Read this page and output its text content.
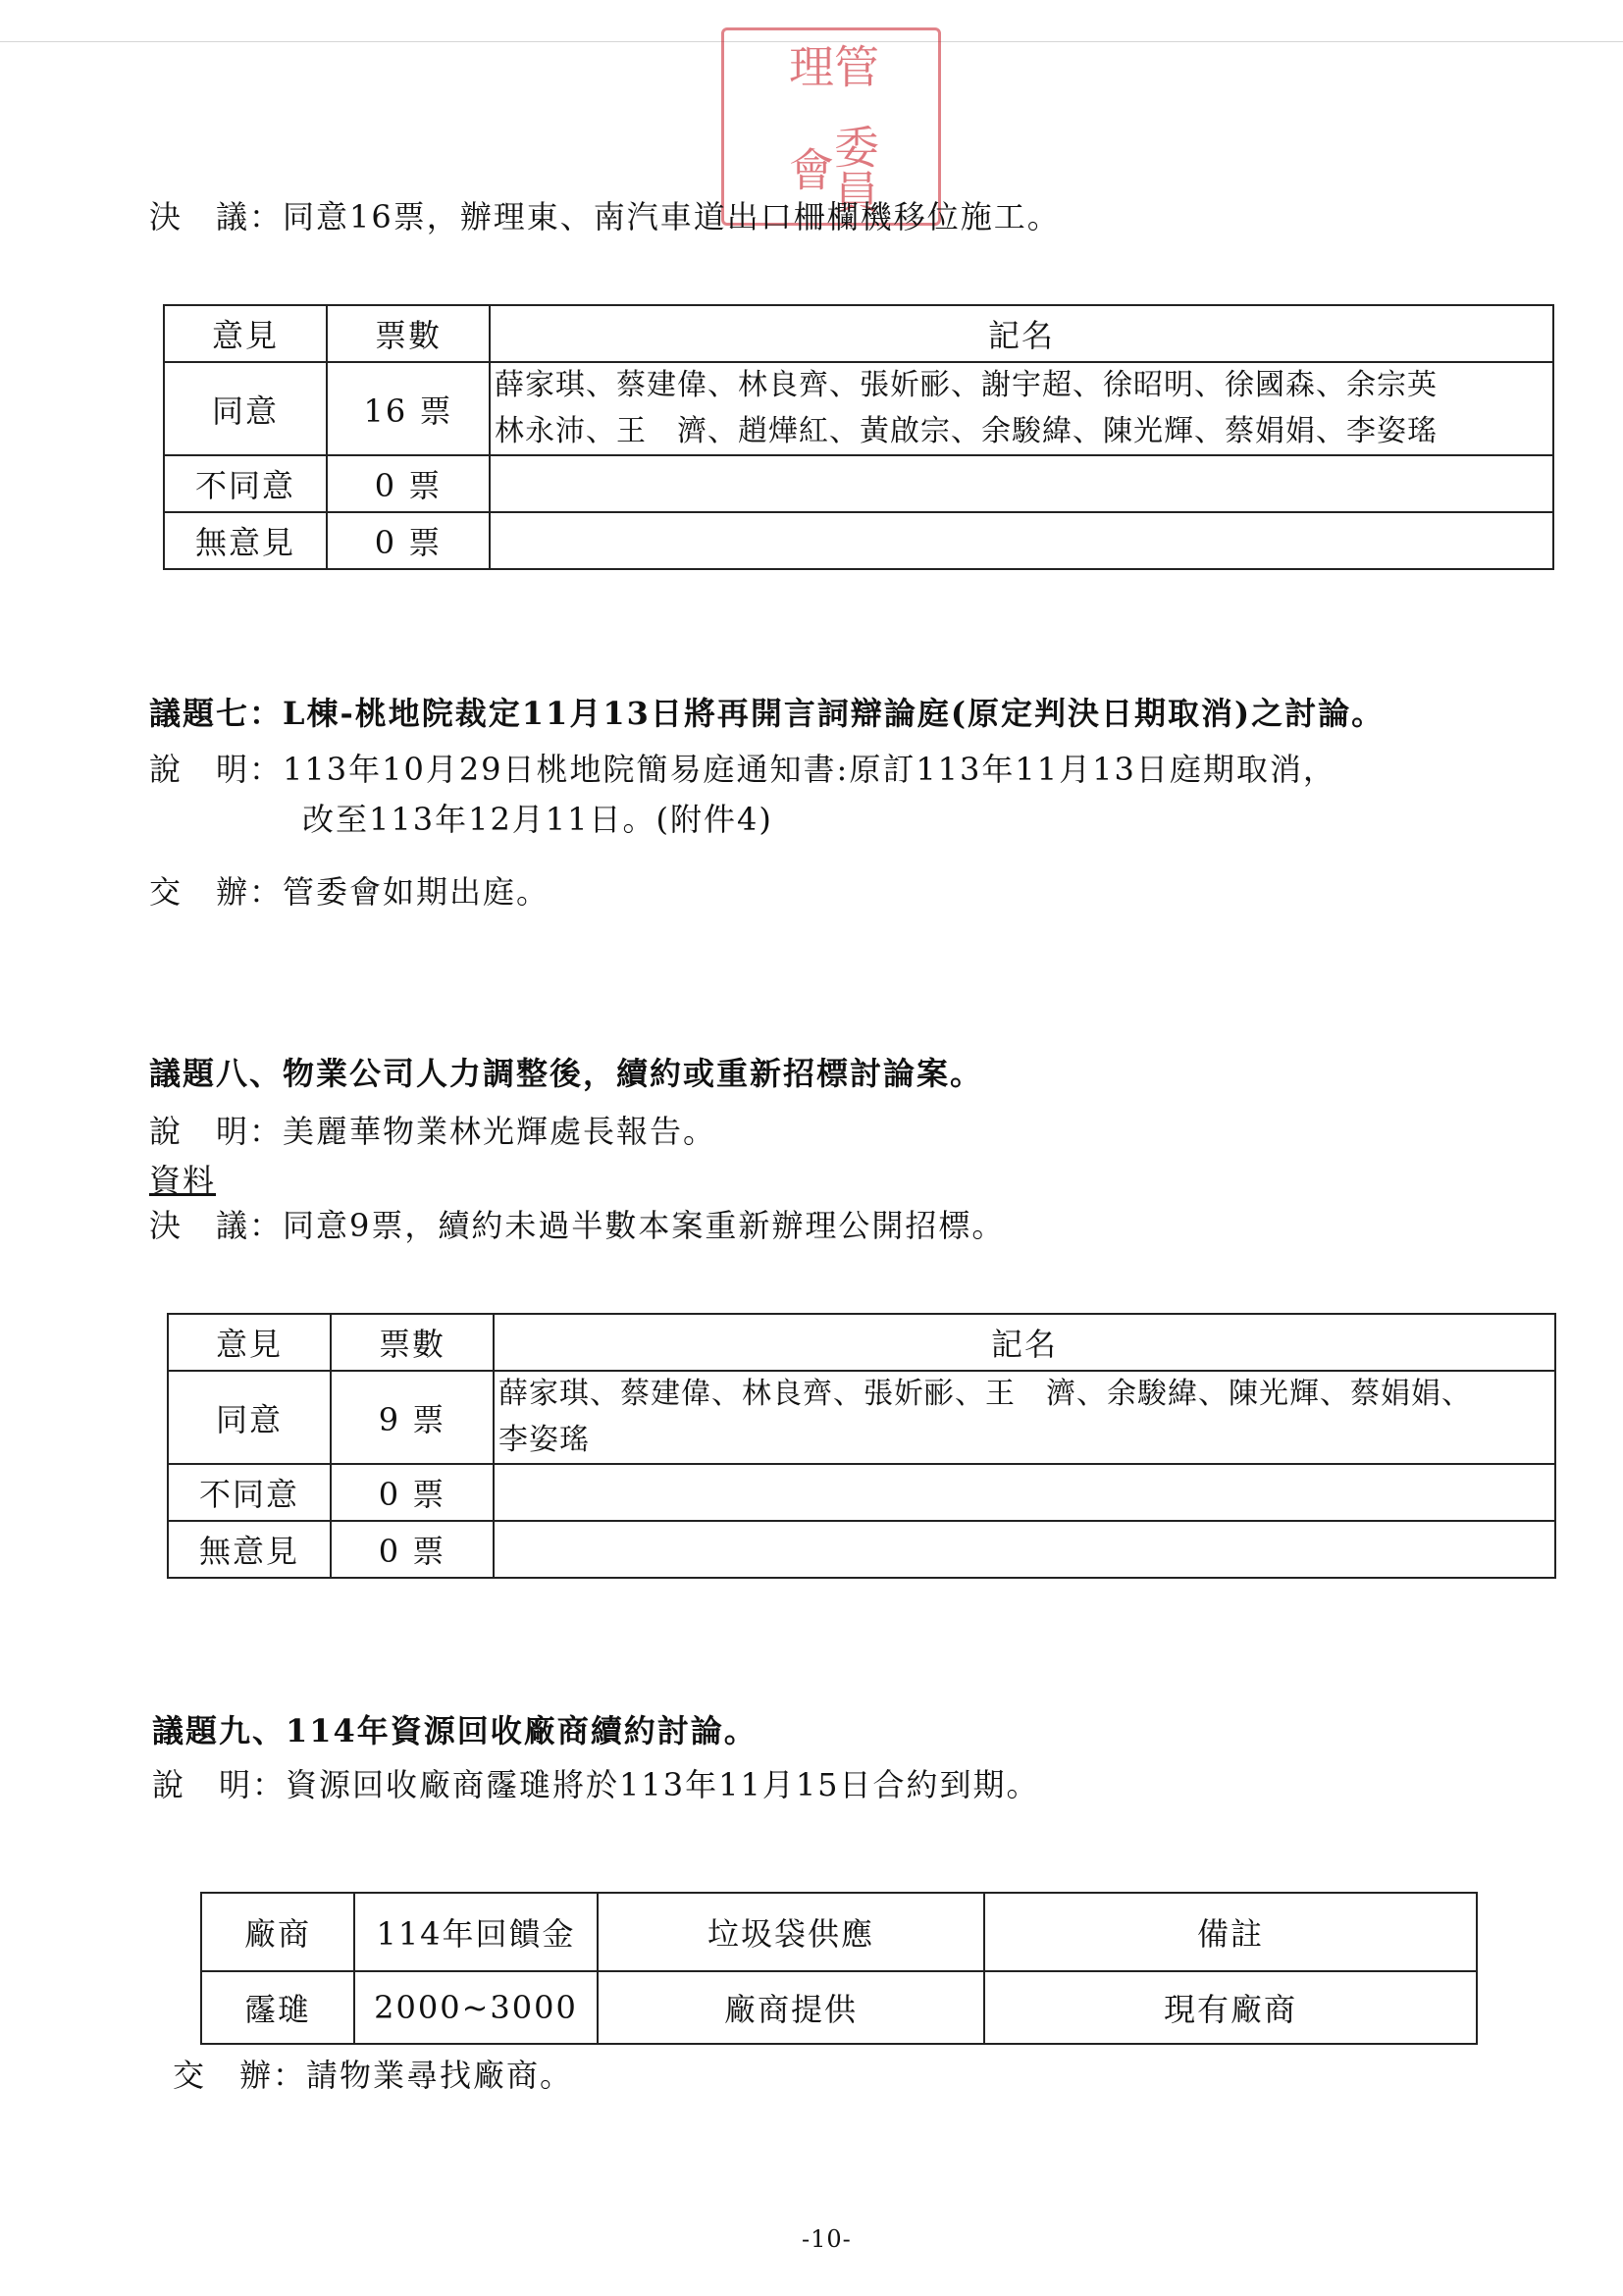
管理
委員會
決　議：同意16票，辦理東、南汽車道出口柵欄機移位施工。
意見	票數	記名
同意	16 票	薛家琪、蔡建偉、林良齊、張妡彨、謝宇超、徐昭明、徐國森、余宗英
林永沛、王　濟、趙燁紅、黃啟宗、余駿緯、陳光輝、蔡娟娟、李姿瑤

不同意	0 票	
無意見	0 票	
議題七：L棟-桃地院裁定11月13日將再開言詞辯論庭(原定判決日期取消)之討論。
說　明：113年10月29日桃地院簡易庭通知書:原訂113年11月13日庭期取消，
改至113年12月11日。(附件4)
交　辦：管委會如期出庭。
議題八、物業公司人力調整後，續約或重新招標討論案。
說　明：美麗華物業林光輝處長報告。
資料
決　議：同意9票，續約未過半數本案重新辦理公開招標。
意見	票數	記名
同意	9 票	薛家琪、蔡建偉、林良齊、張妡彨、王　濟、余駿緯、陳光輝、蔡娟娟、
李姿瑤

不同意	0 票	
無意見	0 票	
議題九、114年資源回收廠商續約討論。
說　明：資源回收廠商霳璡將於113年11月15日合約到期。
廠商	114年回饋金	垃圾袋供應	備註
霳璡	2000~3000	廠商提供	現有廠商
交　辦：請物業尋找廠商。
-10-
